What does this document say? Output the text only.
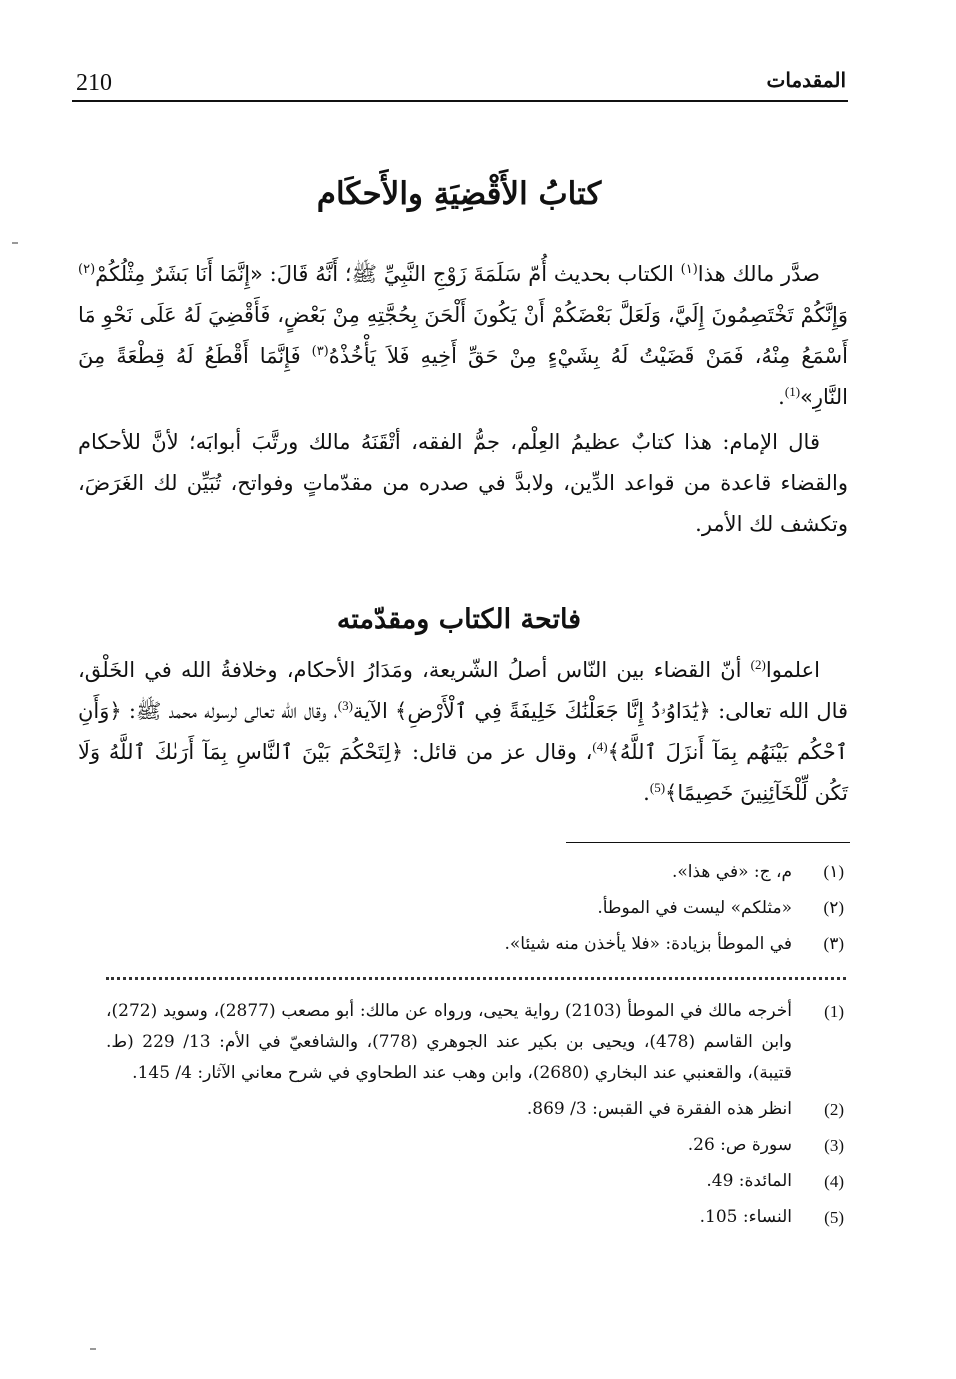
210	المقدمات
كتابُ الأَقْضِيَةِ والأَحكَام

صدَّر مالك هذا$^{(١)}$ الكتاب بحديث أُمّ سَلَمَةَ زَوْجِ النَّبِيِّ ﷺ؛ أَنَّهُ قَالَ: «إِنَّمَا أَنَا بَشَرٌ مِثْلُكُمْ$^{(٢)}$ وَإِنَّكُمْ تَخْتَصِمُونَ إِلَيَّ، وَلَعَلَّ بَعْضَكُمْ أَنْ يَكُونَ أَلْحَنَ بِحُجَّتِهِ مِنْ بَعْضٍ، فَأَقْضِيَ لَهُ عَلَى نَحْوِ مَا أَسْمَعُ مِنْهُ، فَمَنْ قَضَيْتُ لَهُ بِشَيْءٍ مِنْ حَقِّ أَخِيهِ فَلاَ يَأْخُذْهُ$^{(٣)}$ فَإِنَّمَا أَقْطَعُ لَهُ قِطْعَةً مِنَ النَّارِ»$^{(1)}$.

قال الإمام: هذا كتابٌ عظيمُ العِلْم، جمُّ الفقه، أتْقَنَهُ مالك ورتَّبَ أبوابَه؛ لأنَّ للأحكام والقضاء قاعدة من قواعد الدِّين، ولابدَّ في صدره من مقدّماتٍ وفواتح، تُبَيِّن لك الغَرَضَ، وتكشف لك الأمر.

فاتحة الكتاب ومقدّمته

اعلموا$^{(2)}$ أنّ القضاء بين النّاس أصلُ الشّريعة، ومَدَارُ الأحكام، وخلافةُ الله في الخَلْق، قال الله تعالى: ﴿يَٰدَاوُۥدُ إِنَّا جَعَلْنَٰكَ خَلِيفَةً فِي ٱلْأَرْضِ﴾ الآية$^{(3)}$، وقال الله تعالى لرسوله محمد ﷺ: ﴿وَأَنِ ٱحْكُم بَيْنَهُم بِمَآ أَنزَلَ ٱللَّهُ﴾$^{(4)}$، وقال عز من قائل: ﴿لِتَحْكُمَ بَيْنَ ٱلنَّاسِ بِمَآ أَرَىٰكَ ٱللَّهُ وَلَا تَكُن لِّلْخَآئِنِينَ خَصِيمًا﴾$^{(5)}$.

(١)
م، ج: «في هذا».
(٢)
«مثلكم» ليست في الموطأ.
(٣)
في الموطأ بزيادة: «فلا يأخذن منه شيئا».
(1)
أخرجه مالك في الموطأ (2103) رواية يحيى، ورواه عن مالك: أبو مصعب (2877)، وسويد (272)، وابن القاسم (478)، ويحيى بن بكير عند الجوهري (778)، والشافعيّ في الأم: 13/ 229 (ط. قتيبة)، والقعنبي عند البخاري (2680)، وابن وهب عند الطحاوي في شرح معاني الآثار: 4/ 145.
(2)
انظر هذه الفقرة في القبس: 3/ 869.
(3)
سورة ص: 26.
(4)
المائدة: 49.
(5)
النساء: 105.
